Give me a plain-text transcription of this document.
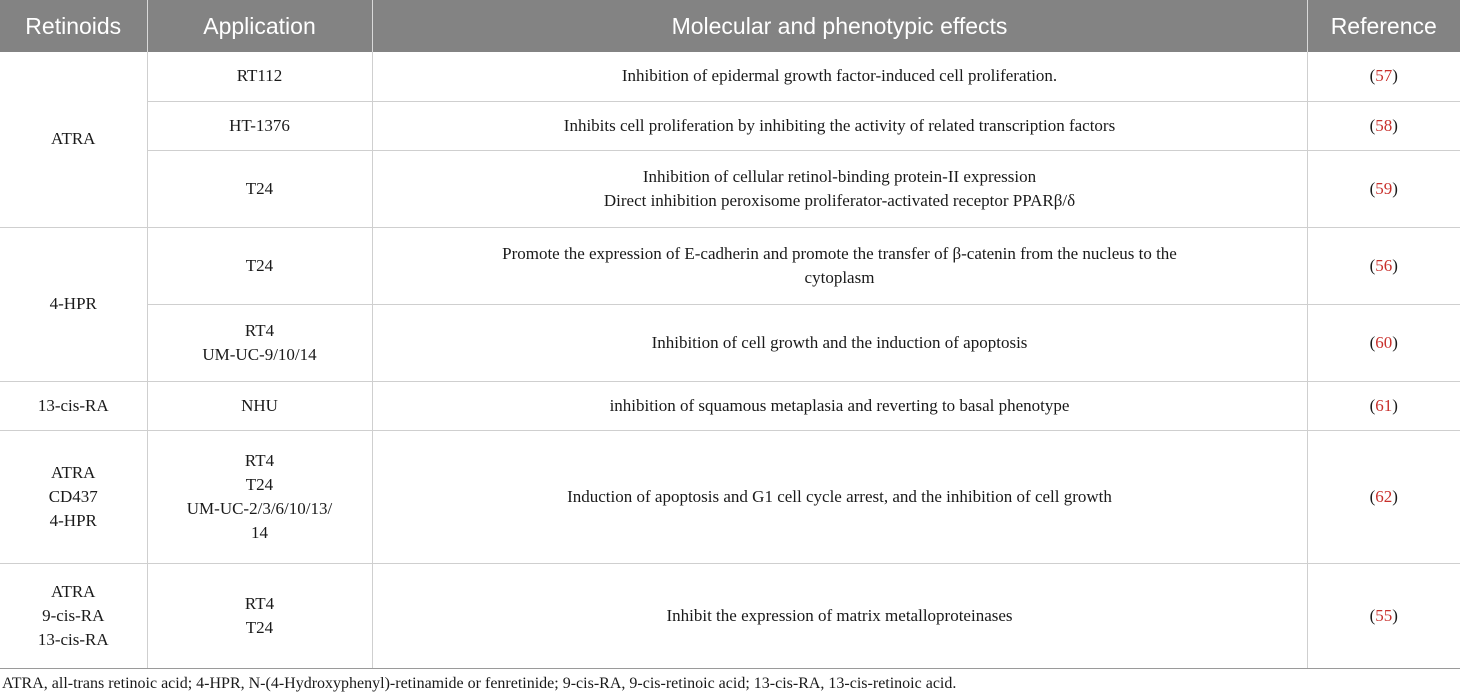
Retinoids	Application	Molecular and phenotypic effects	Reference

ATRA	RT112	Inhibition of epidermal growth factor-induced cell proliferation.	(57)

	HT-1376	Inhibits cell proliferation by inhibiting the activity of related transcription factors	(58)

	T24	Inhibition of cellular retinol-binding protein-II expression
Direct inhibition peroxisome proliferator-activated receptor PPARβ/δ	(59)

4-HPR	T24	Promote the expression of E-cadherin and promote the transfer of β-catenin from the nucleus to the
cytoplasm	(56)

	RT4
UM-UC-9/10/14	Inhibition of cell growth and the induction of apoptosis	(60)

13-cis-RA	NHU	inhibition of squamous metaplasia and reverting to basal phenotype	(61)

ATRA
CD437
4-HPR	RT4
T24
UM-UC-2/3/6/10/13/
14	Induction of apoptosis and G1 cell cycle arrest, and the inhibition of cell growth	(62)

ATRA
9-cis-RA
13-cis-RA	RT4
T24	Inhibit the expression of matrix metalloproteinases	(55)
ATRA, all-trans retinoic acid; 4-HPR, N-(4-Hydroxyphenyl)-retinamide or fenretinide; 9-cis-RA, 9-cis-retinoic acid; 13-cis-RA, 13-cis-retinoic acid.
